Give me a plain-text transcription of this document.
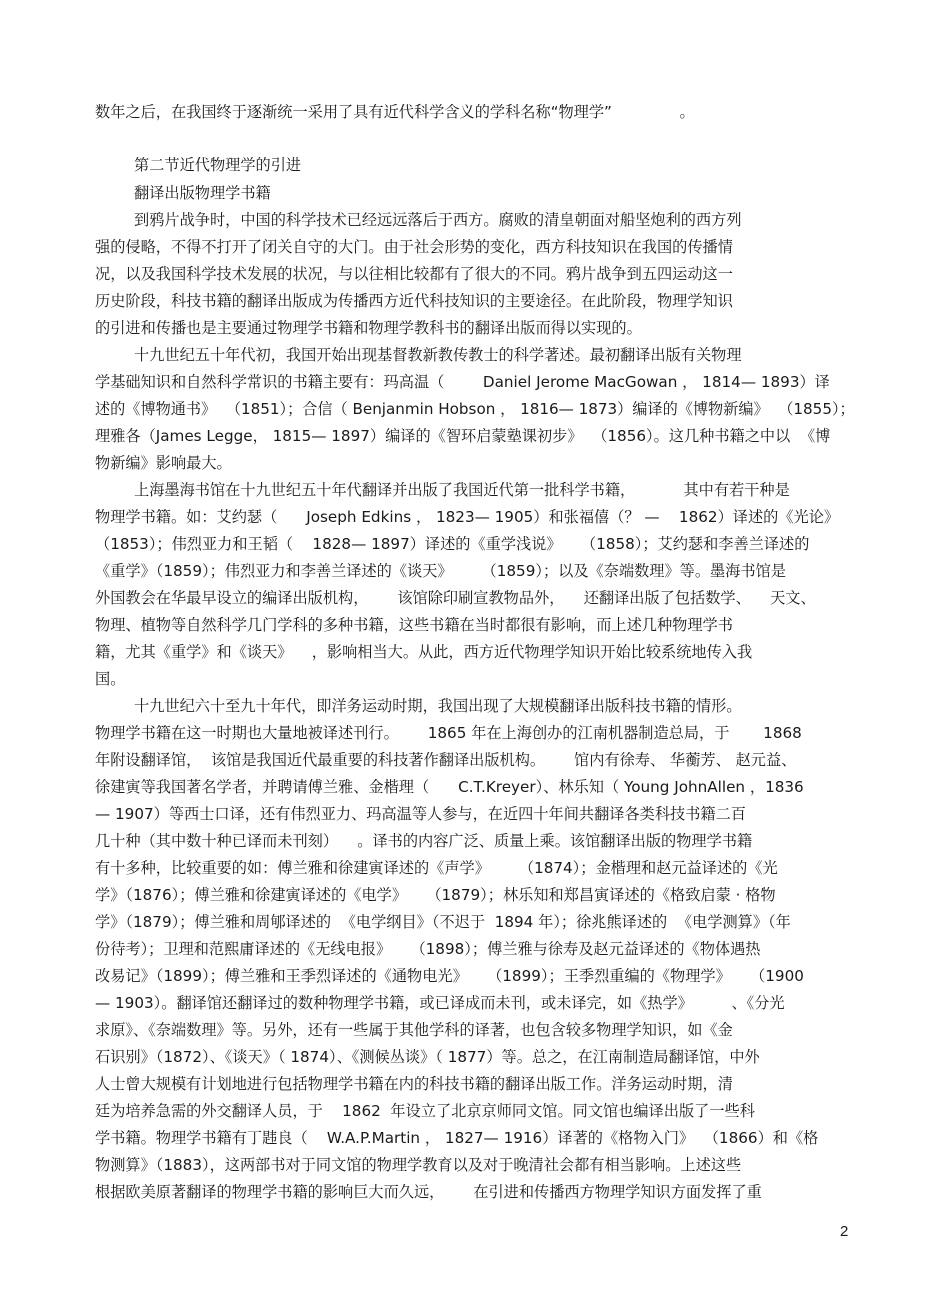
数年之后，在我国终于逐渐统一采用了具有近代科学含义的学科名称“物理学”              。
第二节近代物理学的引进
翻译出版物理学书籍
到鸦片战争时，中国的科学技术已经远远落后于西方。腐败的清皇朝面对船坚炮利的西方列
强的侵略，不得不打开了闭关自守的大门。由于社会形势的变化，西方科技知识在我国的传播情
况，以及我国科学技术发展的状况，与以往相比较都有了很大的不同。鸦片战争到五四运动这一
历史阶段，科技书籍的翻译出版成为传播西方近代科技知识的主要途径。在此阶段，物理学知识
的引进和传播也是主要通过物理学书籍和物理学教科书的翻译出版而得以实现的。
十九世纪五十年代初，我国开始出现基督教新教传教士的科学著述。最初翻译出版有关物理
学基础知识和自然科学常识的书籍主要有：玛高温（        Daniel Jerome MacGowan ， 1814— 1893）译
述的《博物通书》  （1851）；合信（ Benjanmin Hobson ， 1816— 1873）编译的《博物新编》  （1855）；
理雅各（James Legge， 1815— 1897）编译的《智环启蒙塾课初步》  （1856）。这几种书籍之中以  《博
物新编》影响最大。
上海墨海书馆在十九世纪五十年代翻译并出版了我国近代第一批科学书籍，          其中有若干种是
物理学书籍。如：艾约瑟（      Joseph Edkins ， 1823— 1905）和张福僖（？ —    1862）译述的《光论》
（1853）；伟烈亚力和王韬（    1828— 1897）译述的《重学浅说》    （1858）；艾约瑟和李善兰译述的
《重学》（1859）；伟烈亚力和李善兰译述的《谈天》      （1859）；以及《奈端数理》等。墨海书馆是
外国教会在华最早设立的编译出版机构，      该馆除印刷宣教物品外，    还翻译出版了包括数学、    天文、
物理、植物等自然科学几门学科的多种书籍，这些书籍在当时都很有影响，而上述几种物理学书
籍，尤其《重学》和《谈天》    ，影响相当大。从此，西方近代物理学知识开始比较系统地传入我
国。
十九世纪六十至九十年代，即洋务运动时期，我国出现了大规模翻译出版科技书籍的情形。
物理学书籍在这一时期也大量地被译述刊行。      1865 年在上海创办的江南机器制造总局，于       1868
年附设翻译馆，  该馆是我国近代最重要的科技著作翻译出版机构。      馆内有徐寿、 华蘅芳、 赵元益、
徐建寅等我国著名学者，并聘请傅兰雅、金楷理（      C.T.Kreyer）、林乐知（ Young JohnAllen ，1836
— 1907）等西士口译，还有伟烈亚力、玛高温等人参与，在近四十年间共翻译各类科技书籍二百
几十种（其中数十种已译而未刊刻）    。译书的内容广泛、质量上乘。该馆翻译出版的物理学书籍
有十多种，比较重要的如：傅兰雅和徐建寅译述的《声学》      （1874）；金楷理和赵元益译述的《光
学》（1876）；傅兰雅和徐建寅译述的《电学》    （1879）；林乐知和郑昌寅译述的《格致启蒙 · 格物
学》（1879）；傅兰雅和周郇译述的  《电学纲目》（不迟于  1894 年）；徐兆熊译述的  《电学测算》（年
份待考）；卫理和范熙庸译述的《无线电报》    （1898）；傅兰雅与徐寿及赵元益译述的《物体遇热
改易记》（1899）；傅兰雅和王季烈译述的《通物电光》    （1899）；王季烈重编的《物理学》    （1900
— 1903）。翻译馆还翻译过的数种物理学书籍，或已译成而未刊，或未译完，如《热学》        、《分光
求原》、《奈端数理》等。另外，还有一些属于其他学科的译著，也包含较多物理学知识，如《金
石识别》（1872）、《谈天》（ 1874）、《测候丛谈》（ 1877）等。总之，在江南制造局翻译馆，中外
人士曾大规模有计划地进行包括物理学书籍在内的科技书籍的翻译出版工作。洋务运动时期，清
廷为培养急需的外交翻译人员，于    1862  年设立了北京京师同文馆。同文馆也编译出版了一些科
学书籍。物理学书籍有丁韪良（    W.A.P.Martin ， 1827— 1916）译著的《格物入门》  （1866）和《格
物测算》（1883），这两部书对于同文馆的物理学教育以及对于晚清社会都有相当影响。上述这些
根据欧美原著翻译的物理学书籍的影响巨大而久远，      在引进和传播西方物理学知识方面发挥了重
2
